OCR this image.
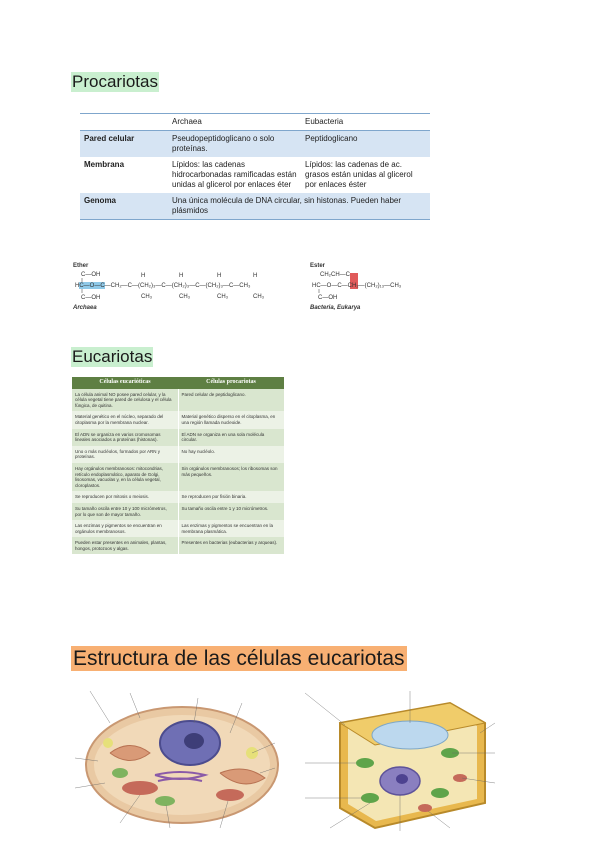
Procariotas
	Archaea	Eubacteria
Pared celular	Pseudopeptidoglicano o solo proteínas.	Peptidoglicano
Membrana	Lípidos: las cadenas hidrocarbonadas ramificadas están unidas al glicerol por enlaces éter	Lípidos: las cadenas de ac. grasos están unidas al glicerol por enlaces éster
Genoma	Una única molécula de DNA circular, sin histonas. Pueden haber plásmidos	
Ether
C—OH
HC—O—C—CH₂—C—(CH₂)₃—C—(CH₂)₃—C—(CH₂)₃—C—CH₃
C—OH	CH₃	CH₃	CH₃	CH₃
H	H	H	H
Archaea
Ester
CH₂CH—C
HC—O—C—CH₂—(CH₂)₁₃—CH₃
C—OH
Bacteria, Eukarya
Eucariotas
Células eucarióticas	Células procariotas
La célula animal NO posee pared celular, y la célula vegetal tiene pared de celulosa y el célula fúngica, de quitina.	Pared celular de peptidoglicano.
Material genético en el núcleo, separado del citoplasma por la membrana nuclear.	Material genético disperso en el citoplasma, en una región llamada nucleoide.
El ADN se organiza en varios cromosomas lineales asociados a proteínas (histonas).	El ADN se organiza en una sola molécula circular.
Uno o más nucléolos, formados por ARN y proteínas.	No hay nucléolo.
Hay orgánulos membranosos: mitocondrias, retículo endoplasmático, aparato de Golgi, lisosomas, vacuolas y, en la célula vegetal, cloroplastos.	Sin orgánulos membranosos; los ribosomas son más pequeños.
Se reproducen por mitosis o meiosis.	Se reproducen por fisión binaria.
Su tamaño oscila entre 10 y 100 micrómetros, por lo que son de mayor tamaño.	Su tamaño oscila entre 1 y 10 micrómetros.
Las enzimas y pigmentos se encuentran en orgánulos membranosos.	Las enzimas y pigmentos se encuentran en la membrana plasmática.
Pueden estar presentes en animales, plantas, hongos, protozoos y algas.	Presentes en bacterias (eubacterias y arqueas).
Estructura de las células eucariotas
